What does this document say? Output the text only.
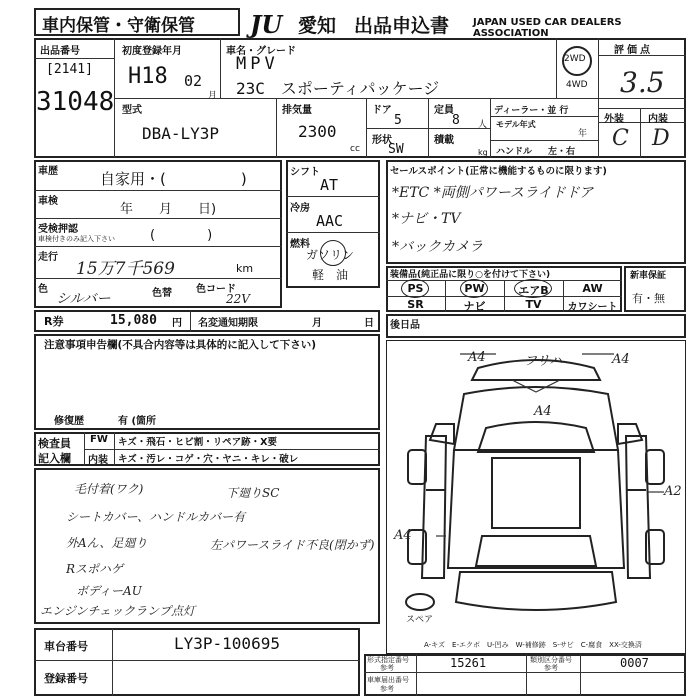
車内保管・守衛保管 JU 愛知 出品申込書 JAPAN USED CAR DEALERS ASSOCIATION
出品番号
[2141]
31048
初度登録年月
H18 02
月
車名・グレード
MPV
23C　スポーティパッケージ
2WD
4WD
評価点
3.5
外装 内装
C D
型式
DBA-LY3P
排気量
2300
cc
ドア
5
定員
8 人
形状
SW
積載
kg
ディーラー・並 行
モデル年式
年
ハンドル 左・右
車歴	自家用・(　　　　　)
車検
年　　月　　日)
受検押認
車検付きのみ記入下さい	(　　　　)
走行
15万7千569	km
色
シルバー	色替 色コード
22V
シフト
AT
冷房
AAC
燃料
ガソリン
軽　油
セールスポイント(正常に機能するものに限ります)
*ETC *両側パワースライドドア
*ナビ・TV
*バックカメラ
装備品(純正品に限り○を付けて下さい)
PS	PW	エアB	AW
SR	ナビ	TV	カワシート
新車保証
有・無
R券	15,080 円 名変通知期限	月	日
注意事項申告欄(不具合内容等は具体的に記入して下さい)
修復歴	有 (箇所
検査員
記入欄
FW キズ・飛石・ヒビ割・リペア跡・X要
内装 キズ・汚レ・コゲ・穴・ヤニ・キレ・破レ
毛付着(ワク)	下廻りSC
シートカバー、ハンドルカバー有
外Aん、足廻り	左パワースライド不良(閉かず)
Rスポハゲ
ボディーAU
エンジンチェックランプ点灯
後日品
A4	フリハ	A4
A4
A2
A4
スペア
A-キズ　E-エクボ　U-凹み　W-補修跡　S-サビ　C-腐食　XX-交換済
車台番号	LY3P-100695
登録番号
形式指定番号
参考	15261	類別区分番号
参考	0007
車庫届出番号
参考
